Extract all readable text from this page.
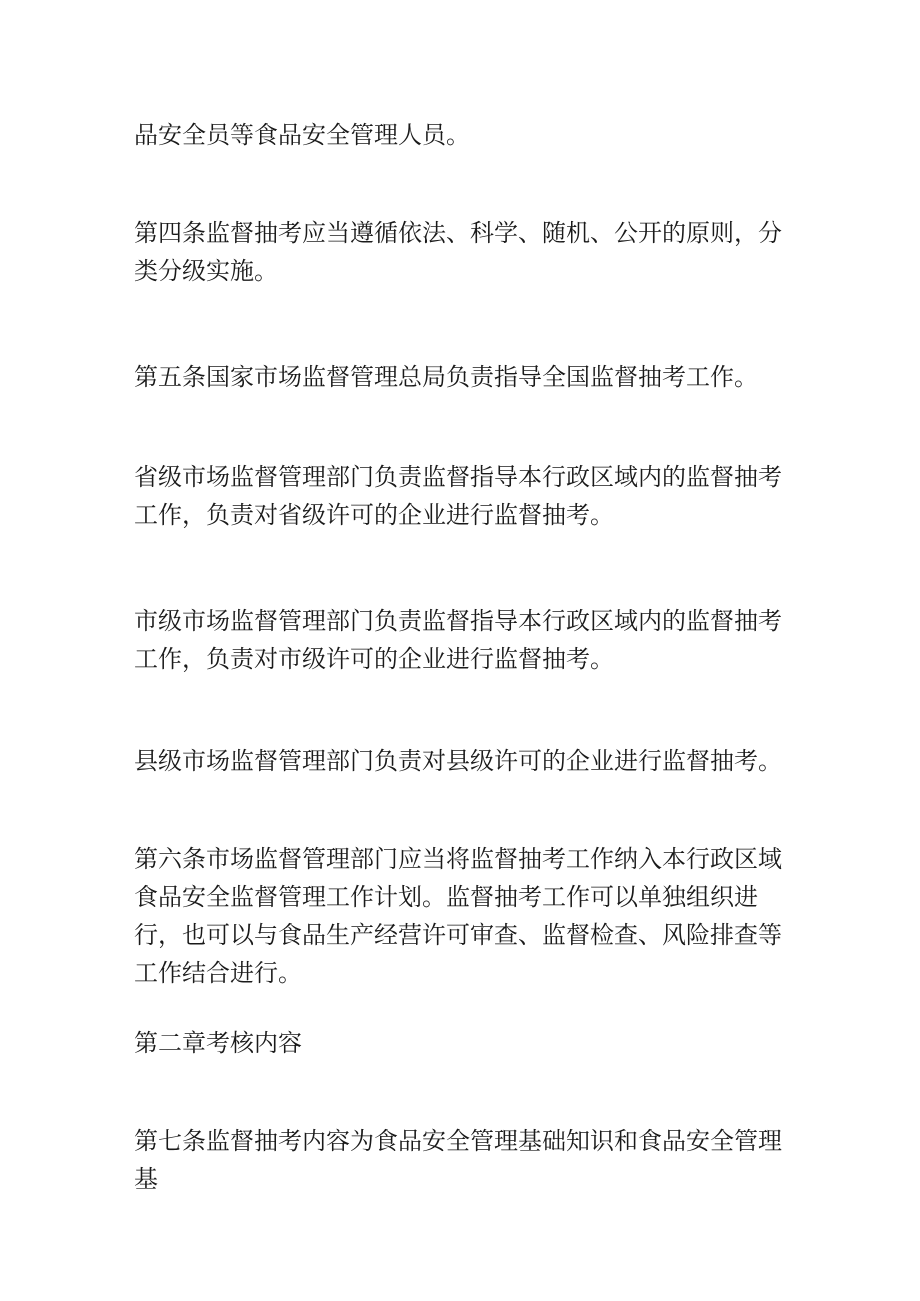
品安全员等食品安全管理人员。

第四条监督抽考应当遵循依法、科学、随机、公开的原则，分类分级实施。

第五条国家市场监督管理总局负责指导全国监督抽考工作。

省级市场监督管理部门负责监督指导本行政区域内的监督抽考工作，负责对省级许可的企业进行监督抽考。

市级市场监督管理部门负责监督指导本行政区域内的监督抽考工作，负责对市级许可的企业进行监督抽考。

县级市场监督管理部门负责对县级许可的企业进行监督抽考。

第六条市场监督管理部门应当将监督抽考工作纳入本行政区域食品安全监督管理工作计划。监督抽考工作可以单独组织进行，也可以与食品生产经营许可审查、监督检查、风险排查等工作结合进行。

第二章考核内容

第七条监督抽考内容为食品安全管理基础知识和食品安全管理基
